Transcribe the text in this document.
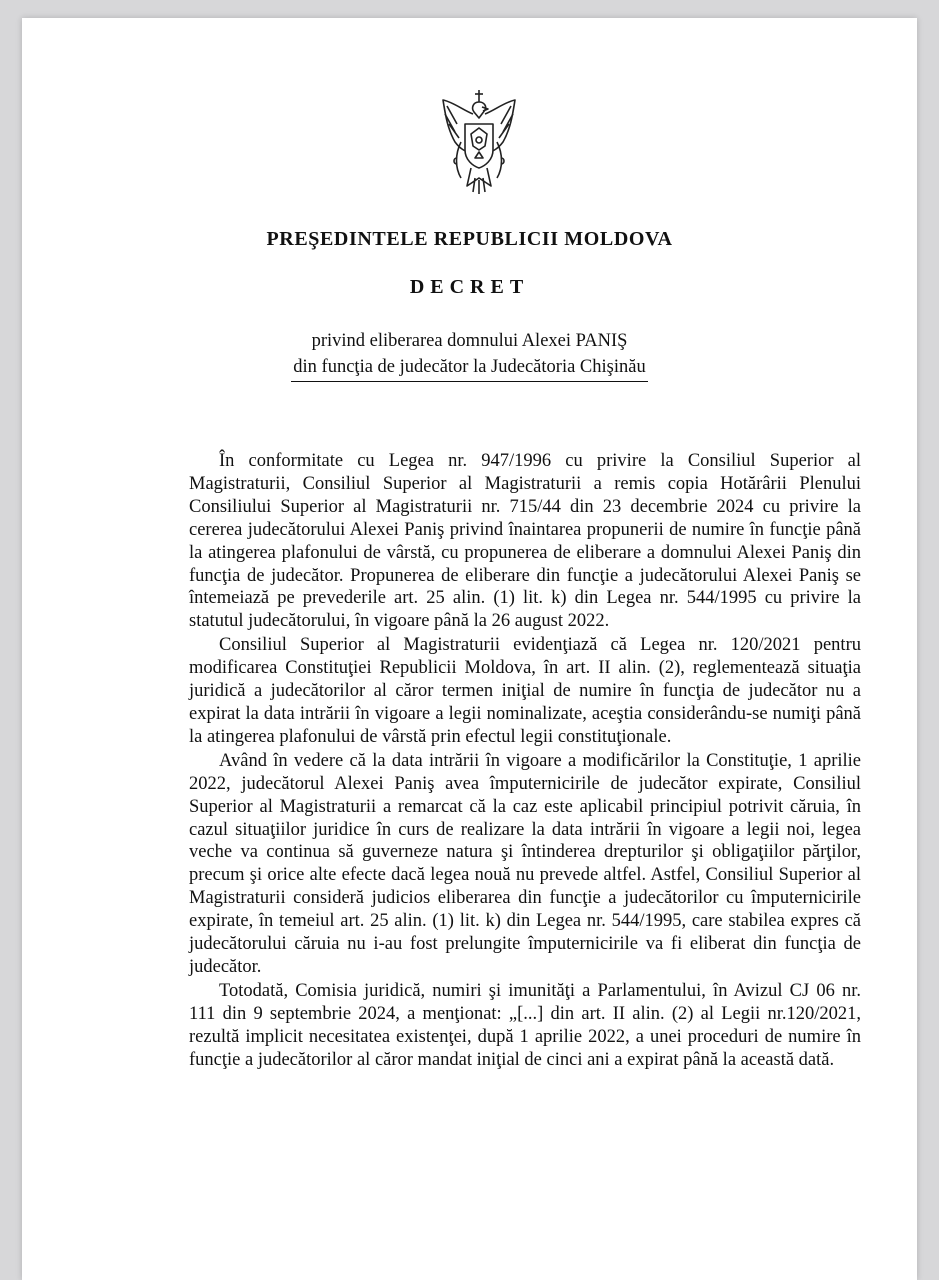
PREŞEDINTELE REPUBLICII MOLDOVA
DECRET
privind eliberarea domnului Alexei PANIŞ
din funcţia de judecător la Judecătoria Chişinău

În conformitate cu Legea nr. 947/1996 cu privire la Consiliul Superior al Magistraturii, Consiliul Superior al Magistraturii a remis copia Hotărârii Plenului Consiliului Superior al Magistraturii nr. 715/44 din 23 decembrie 2024 cu privire la cererea judecătorului Alexei Paniş privind înaintarea propunerii de numire în funcţie până la atingerea plafonului de vârstă, cu propunerea de eliberare a domnului Alexei Paniş din funcţia de judecător. Propunerea de eliberare din funcţie a judecătorului Alexei Paniş se întemeiază pe prevederile art. 25 alin. (1) lit. k) din Legea nr. 544/1995 cu privire la statutul judecătorului, în vigoare până la 26 august 2022.

Consiliul Superior al Magistraturii evidenţiază că Legea nr. 120/2021 pentru modificarea Constituţiei Republicii Moldova, în art. II alin. (2), reglementează situaţia juridică a judecătorilor al căror termen iniţial de numire în funcţia de judecător nu a expirat la data intrării în vigoare a legii nominalizate, aceştia considerându-se numiţi până la atingerea plafonului de vârstă prin efectul legii constituţionale.

Având în vedere că la data intrării în vigoare a modificărilor la Constituţie, 1 aprilie 2022, judecătorul Alexei Paniş avea împuternicirile de judecător expirate, Consiliul Superior al Magistraturii a remarcat că la caz este aplicabil principiul potrivit căruia, în cazul situaţiilor juridice în curs de realizare la data intrării în vigoare a legii noi, legea veche va continua să guverneze natura şi întinderea drepturilor şi obligaţiilor părţilor, precum şi orice alte efecte dacă legea nouă nu prevede altfel. Astfel, Consiliul Superior al Magistraturii consideră judicios eliberarea din funcţie a judecătorilor cu împuternicirile expirate, în temeiul art. 25 alin. (1) lit. k) din Legea nr. 544/1995, care stabilea expres că judecătorului căruia nu i-au fost prelungite împuternicirile va fi eliberat din funcţia de judecător.

Totodată, Comisia juridică, numiri şi imunităţi a Parlamentului, în Avizul CJ 06 nr. 111 din 9 septembrie 2024, a menţionat: „[...] din art. II alin. (2) al Legii nr.120/2021, rezultă implicit necesitatea existenţei, după 1 aprilie 2022, a unei proceduri de numire în funcţie a judecătorilor al căror mandat iniţial de cinci ani a expirat până la această dată.
